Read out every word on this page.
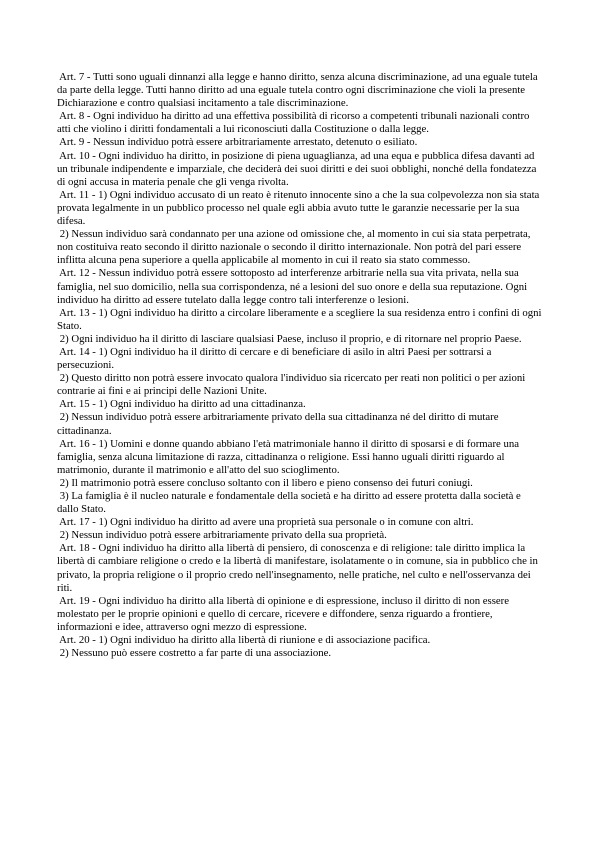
Art. 7 - Tutti sono uguali dinnanzi alla legge e hanno diritto, senza alcuna discriminazione, ad una eguale tutela da parte della legge. Tutti hanno diritto ad una eguale tutela contro ogni discriminazione che violi la presente Dichiarazione e contro qualsiasi incitamento a tale discriminazione.

Art. 8 - Ogni individuo ha diritto ad una effettiva possibilità di ricorso a competenti tribunali nazionali contro atti che violino i diritti fondamentali a lui riconosciuti dalla Costituzione o dalla legge.

Art. 9 - Nessun individuo potrà essere arbitrariamente arrestato, detenuto o esiliato.

Art. 10 - Ogni individuo ha diritto, in posizione di piena uguaglianza, ad una equa e pubblica difesa davanti ad un tribunale indipendente e imparziale, che deciderà dei suoi diritti e dei suoi obblighi, nonché della fondatezza di ogni accusa in materia penale che gli venga rivolta.

Art. 11 - 1) Ogni individuo accusato di un reato è ritenuto innocente sino a che la sua colpevolezza non sia stata provata legalmente in un pubblico processo nel quale egli abbia avuto tutte le garanzie necessarie per la sua difesa.

2) Nessun individuo sarà condannato per una azione od omissione che, al momento in cui sia stata perpetrata, non costituiva reato secondo il diritto nazionale o secondo il diritto internazionale. Non potrà del pari essere inflitta alcuna pena superiore a quella applicabile al momento in cui il reato sia stato commesso.

Art. 12 - Nessun individuo potrà essere sottoposto ad interferenze arbitrarie nella sua vita privata, nella sua famiglia, nel suo domicilio, nella sua corrispondenza, né a lesioni del suo onore e della sua reputazione. Ogni individuo ha diritto ad essere tutelato dalla legge contro tali interferenze o lesioni.

Art. 13 - 1) Ogni individuo ha diritto a circolare liberamente e a scegliere la sua residenza entro i confini di ogni Stato.

2) Ogni individuo ha il diritto di lasciare qualsiasi Paese, incluso il proprio, e di ritornare nel proprio Paese.

Art. 14 - 1) Ogni individuo ha il diritto di cercare e di beneficiare di asilo in altri Paesi per sottrarsi a persecuzioni.

2) Questo diritto non potrà essere invocato qualora l'individuo sia ricercato per reati non politici o per azioni contrarie ai fini e ai principi delle Nazioni Unite.

Art. 15 - 1) Ogni individuo ha diritto ad una cittadinanza.

2) Nessun individuo potrà essere arbitrariamente privato della sua cittadinanza né del diritto di mutare cittadinanza.

Art. 16 - 1) Uomini e donne quando abbiano l'età matrimoniale hanno il diritto di sposarsi e di formare una famiglia, senza alcuna limitazione di razza, cittadinanza o religione. Essi hanno uguali diritti riguardo al matrimonio, durante il matrimonio e all'atto del suo scioglimento.

2) Il matrimonio potrà essere concluso soltanto con il libero e pieno consenso dei futuri coniugi.

3) La famiglia è il nucleo naturale e fondamentale della società e ha diritto ad essere protetta dalla società e dallo Stato.

Art. 17 - 1) Ogni individuo ha diritto ad avere una proprietà sua personale o in comune con altri.

2) Nessun individuo potrà essere arbitrariamente privato della sua proprietà.

Art. 18 - Ogni individuo ha diritto alla libertà di pensiero, di conoscenza e di religione: tale diritto implica la libertà di cambiare religione o credo e la libertà di manifestare, isolatamente o in comune, sia in pubblico che in privato, la propria religione o il proprio credo nell'insegnamento, nelle pratiche, nel culto e nell'osservanza dei riti.

Art. 19 - Ogni individuo ha diritto alla libertà di opinione e di espressione, incluso il diritto di non essere molestato per le proprie opinioni e quello di cercare, ricevere e diffondere, senza riguardo a frontiere, informazioni e idee, attraverso ogni mezzo di espressione.

Art. 20 - 1) Ogni individuo ha diritto alla libertà di riunione e di associazione pacifica.

2) Nessuno può essere costretto a far parte di una associazione.
